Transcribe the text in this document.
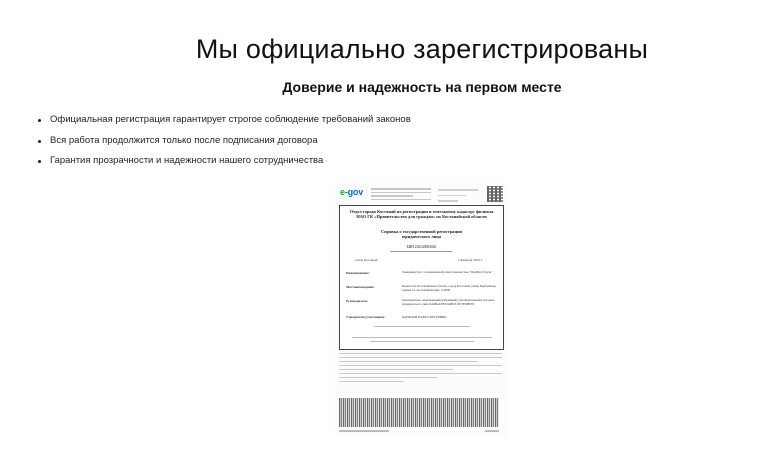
Мы официально зарегистрированы
Доверие и надежность на первом месте
Официальная регистрация гарантирует строгое соблюдение требований законов
Вся работа продолжится только после подписания договора
Гарантия прозрачности и надежности нашего сотрудничества
e-gov
Отдел города Костанай по регистрации и земельному кадастру филиала НАО ГК «Правительство для граждан» по Костанайской области
Справка о государственной регистрации юридического лица
БИН 230240004026
город Костанай	2 февраля 2023 г.
Наименование:	Товарищество с ограниченной ответственностью "ПраМол Лоуэн"
Местонахождение:	Казахстан, Костанайская область, город Костанай, улица Карбышева, здание 12, почтовый индекс 110000
Руководитель:	Руководитель, назначенный (избранный) уполномоченным органом юридического лица КАНКАЕВ ПАВЕЛ ПЕТРОВИЧ
Учредители (участники):	КАНКАЕВ ПАВЕЛ ПЕТРОВИЧ
